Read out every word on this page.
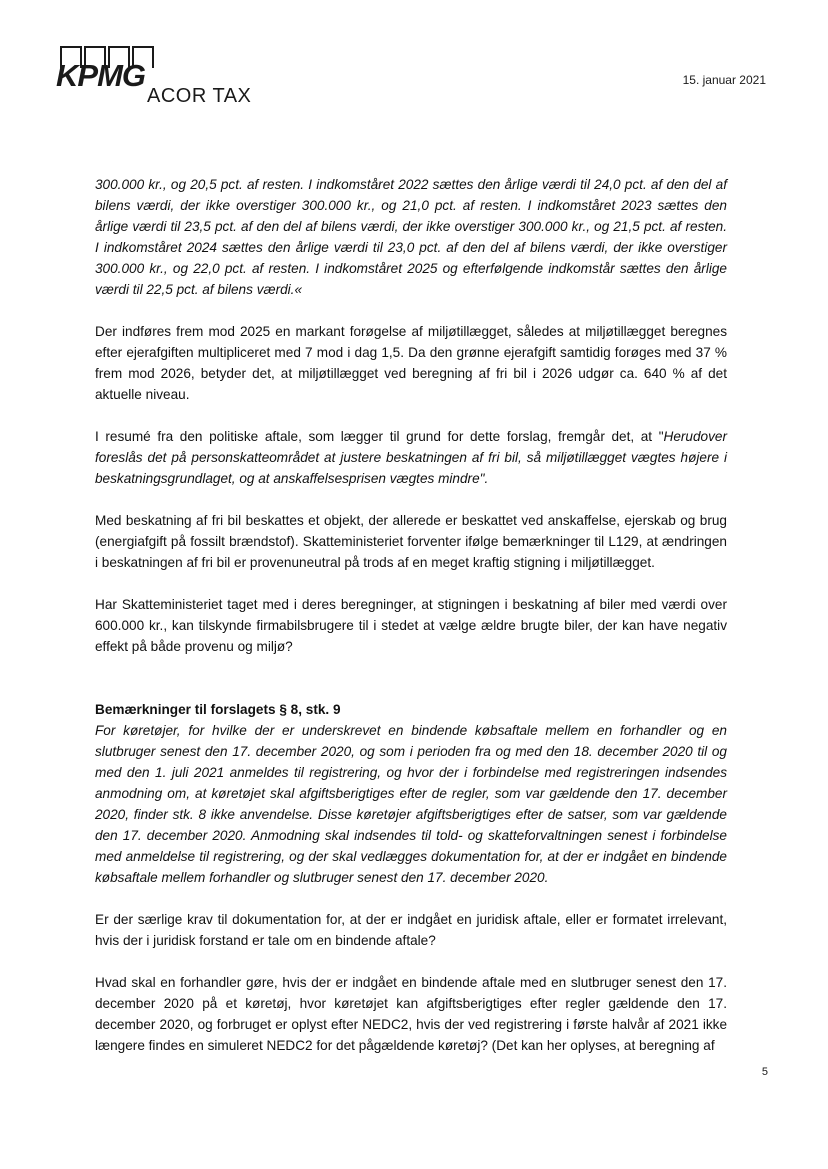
KPMG
ACOR TAX
15. januar 2021

300.000 kr., og 20,5 pct. af resten. I indkomståret 2022 sættes den årlige værdi til 24,0 pct. af den del af bilens værdi, der ikke overstiger 300.000 kr., og 21,0 pct. af resten. I indkomståret 2023 sættes den årlige værdi til 23,5 pct. af den del af bilens værdi, der ikke overstiger 300.000 kr., og 21,5 pct. af resten. I indkomståret 2024 sættes den årlige værdi til 23,0 pct. af den del af bilens værdi, der ikke overstiger 300.000 kr., og 22,0 pct. af resten. I indkomståret 2025 og efterfølgende indkomstår sættes den årlige værdi til 22,5 pct. af bilens værdi.«

Der indføres frem mod 2025 en markant forøgelse af miljøtillægget, således at miljøtillægget beregnes efter ejerafgiften multipliceret med 7 mod i dag 1,5. Da den grønne ejerafgift samtidig forøges med 37 % frem mod 2026, betyder det, at miljøtillægget ved beregning af fri bil i 2026 udgør ca. 640 % af det aktuelle niveau.

I resumé fra den politiske aftale, som lægger til grund for dette forslag, fremgår det, at "Herudover foreslås det på personskatteområdet at justere beskatningen af fri bil, så miljøtillægget vægtes højere i beskatningsgrundlaget, og at anskaffelsesprisen vægtes mindre".

Med beskatning af fri bil beskattes et objekt, der allerede er beskattet ved anskaffelse, ejerskab og brug (energiafgift på fossilt brændstof). Skatteministeriet forventer ifølge bemærkninger til L129, at ændringen i beskatningen af fri bil er provenuneutral på trods af en meget kraftig stigning i miljøtillægget.

Har Skatteministeriet taget med i deres beregninger, at stigningen i beskatning af biler med værdi over 600.000 kr., kan tilskynde firmabilsbrugere til i stedet at vælge ældre brugte biler, der kan have negativ effekt på både provenu og miljø?

Bemærkninger til forslagets § 8, stk. 9

For køretøjer, for hvilke der er underskrevet en bindende købsaftale mellem en forhandler og en slutbruger senest den 17. december 2020, og som i perioden fra og med den 18. december 2020 til og med den 1. juli 2021 anmeldes til registrering, og hvor der i forbindelse med registreringen indsendes anmodning om, at køretøjet skal afgiftsberigtiges efter de regler, som var gældende den 17. december 2020, finder stk. 8 ikke anvendelse. Disse køretøjer afgiftsberigtiges efter de satser, som var gældende den 17. december 2020. Anmodning skal indsendes til told- og skatteforvaltningen senest i forbindelse med anmeldelse til registrering, og der skal vedlægges dokumentation for, at der er indgået en bindende købsaftale mellem forhandler og slutbruger senest den 17. december 2020.

Er der særlige krav til dokumentation for, at der er indgået en juridisk aftale, eller er formatet irrelevant, hvis der i juridisk forstand er tale om en bindende aftale?

Hvad skal en forhandler gøre, hvis der er indgået en bindende aftale med en slutbruger senest den 17. december 2020 på et køretøj, hvor køretøjet kan afgiftsberigtiges efter regler gældende den 17. december 2020, og forbruget er oplyst efter NEDC2, hvis der ved registrering i første halvår af 2021 ikke længere findes en simuleret NEDC2 for det pågældende køretøj? (Det kan her oplyses, at beregning af

5
